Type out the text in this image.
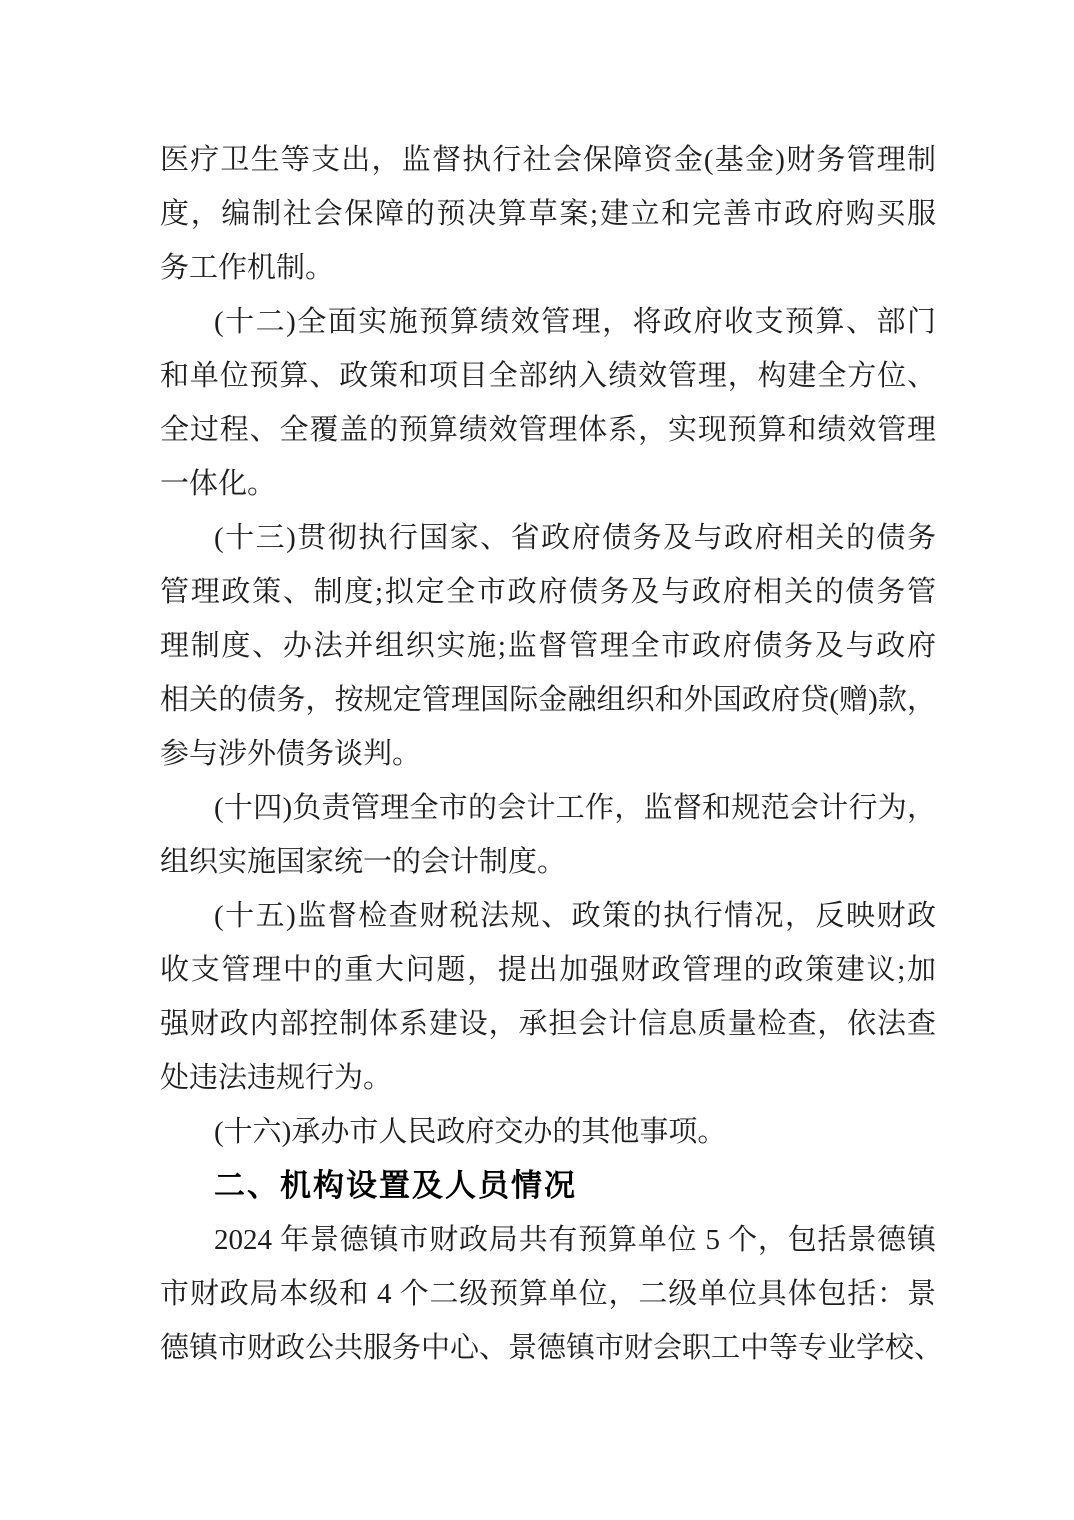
医疗卫生等支出，监督执行社会保障资金(基金)财务管理制
度，编制社会保障的预决算草案;建立和完善市政府购买服
务工作机制。
(十二)全面实施预算绩效管理，将政府收支预算、部门
和单位预算、政策和项目全部纳入绩效管理，构建全方位、
全过程、全覆盖的预算绩效管理体系，实现预算和绩效管理
一体化。
(十三)贯彻执行国家、省政府债务及与政府相关的债务
管理政策、制度;拟定全市政府债务及与政府相关的债务管
理制度、办法并组织实施;监督管理全市政府债务及与政府
相关的债务，按规定管理国际金融组织和外国政府贷(赠)款，
参与涉外债务谈判。
(十四)负责管理全市的会计工作，监督和规范会计行为，
组织实施国家统一的会计制度。
(十五)监督检查财税法规、政策的执行情况，反映财政
收支管理中的重大问题，提出加强财政管理的政策建议;加
强财政内部控制体系建设，承担会计信息质量检查，依法查
处违法违规行为。
(十六)承办市人民政府交办的其他事项。
二、机构设置及人员情况
2024 年景德镇市财政局共有预算单位 5 个，包括景德镇
市财政局本级和 4 个二级预算单位，二级单位具体包括：景
德镇市财政公共服务中心、景德镇市财会职工中等专业学校、
